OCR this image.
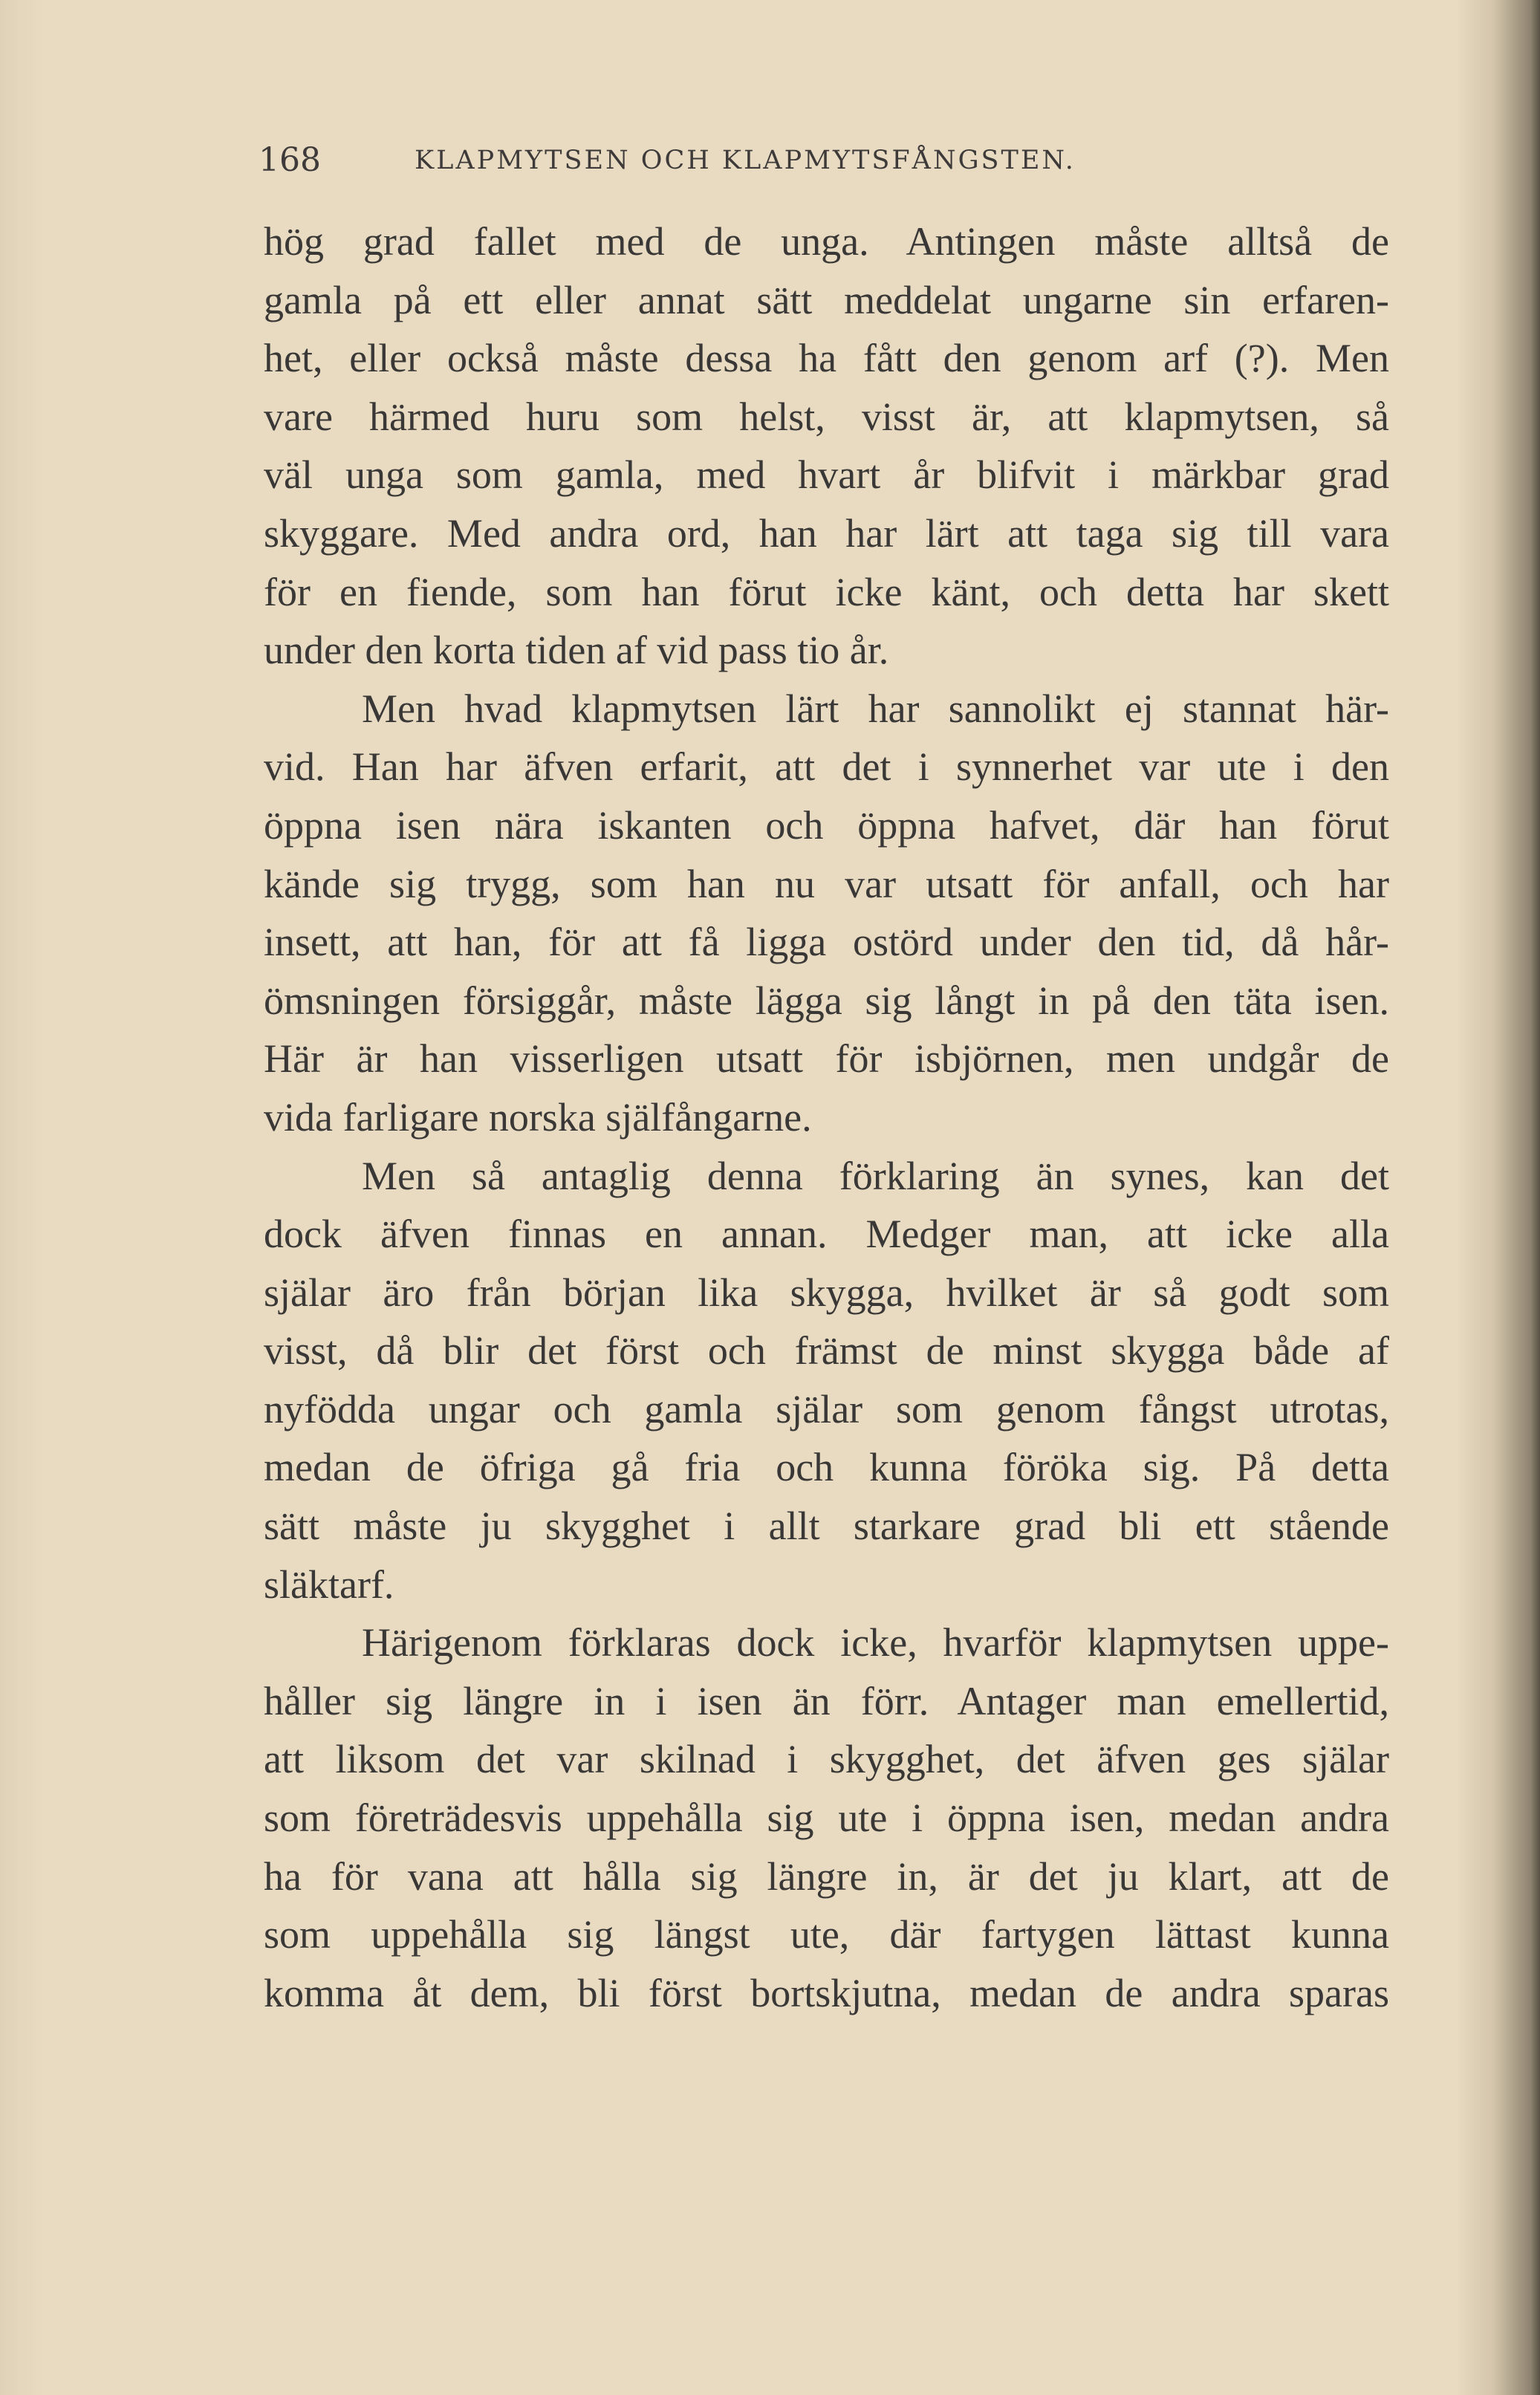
168	KLAPMYTSEN OCH KLAPMYTSFÅNGSTEN.
hög grad fallet med de unga. Antingen måste alltså de
gamla på ett eller annat sätt meddelat ungarne sin erfaren-
het, eller också måste dessa ha fått den genom arf (?). Men
vare härmed huru som helst, visst är, att klapmytsen, så
väl unga som gamla, med hvart år blifvit i märkbar grad
skyggare. Med andra ord, han har lärt att taga sig till vara
för en fiende, som han förut icke känt, och detta har skett
under den korta tiden af vid pass tio år.
Men hvad klapmytsen lärt har sannolikt ej stannat här-
vid. Han har äfven erfarit, att det i synnerhet var ute i den
öppna isen nära iskanten och öppna hafvet, där han förut
kände sig trygg, som han nu var utsatt för anfall, och har
insett, att han, för att få ligga ostörd under den tid, då hår-
ömsningen försiggår, måste lägga sig långt in på den täta isen.
Här är han visserligen utsatt för isbjörnen, men undgår de
vida farligare norska själfångarne.
Men så antaglig denna förklaring än synes, kan det
dock äfven finnas en annan. Medger man, att icke alla
själar äro från början lika skygga, hvilket är så godt som
visst, då blir det först och främst de minst skygga både af
nyfödda ungar och gamla själar som genom fångst utrotas,
medan de öfriga gå fria och kunna föröka sig. På detta
sätt måste ju skygghet i allt starkare grad bli ett stående
släktarf.
Härigenom förklaras dock icke, hvarför klapmytsen uppe-
håller sig längre in i isen än förr. Antager man emellertid,
att liksom det var skilnad i skygghet, det äfven ges själar
som företrädesvis uppehålla sig ute i öppna isen, medan andra
ha för vana att hålla sig längre in, är det ju klart, att de
som uppehålla sig längst ute, där fartygen lättast kunna
komma åt dem, bli först bortskjutna, medan de andra sparas
